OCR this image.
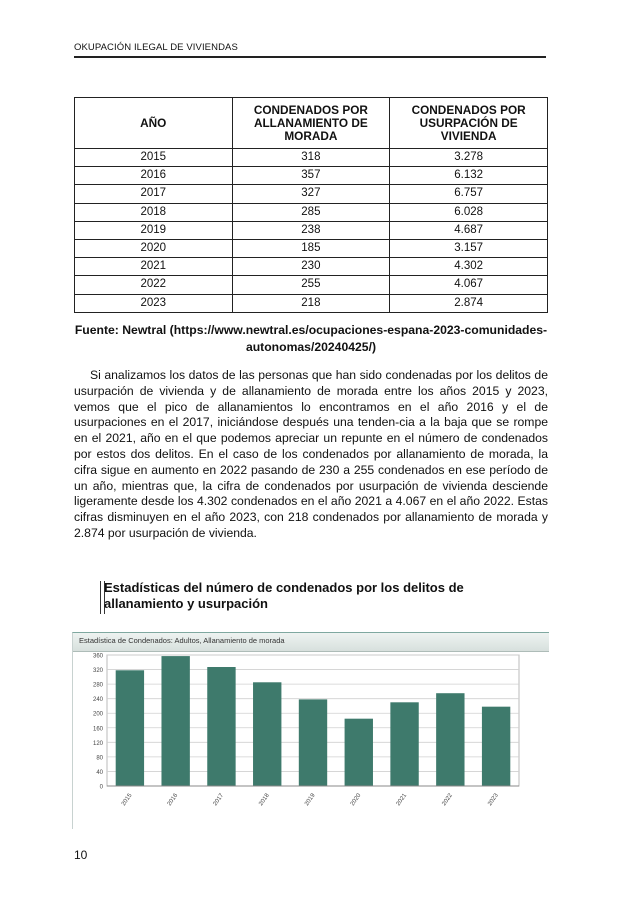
OKUPACIÓN ILEGAL DE VIVIENDAS
AÑO	CONDENADOS POR ALLANAMIENTO DE MORADA	CONDENADOS POR USURPACIÓN DE VIVIENDA
2015	318	3.278
2016	357	6.132
2017	327	6.757
2018	285	6.028
2019	238	4.687
2020	185	3.157
2021	230	4.302
2022	255	4.067
2023	218	2.874
Fuente: Newtral (https://www.newtral.es/ocupaciones-espana-2023-comunidades-autonomas/20240425/)

Si analizamos los datos de las personas que han sido condenadas por los delitos de usurpación de vivienda y de allanamiento de morada entre los años 2015 y 2023, vemos que el pico de allanamientos lo encontramos en el año 2016 y el de usurpaciones en el 2017, iniciándose después una tenden-cia a la baja que se rompe en el 2021, año en el que podemos apreciar un repunte en el número de condenados por estos dos delitos. En el caso de los condenados por allanamiento de morada, la cifra sigue en aumento en 2022 pasando de 230 a 255 condenados en ese período de un año, mientras que, la cifra de condenados por usurpación de vivienda desciende ligeramente desde los 4.302 condenados en el año 2021 a 4.067 en el año 2022. Estas cifras disminuyen en el año 2023, con 218 condenados por allanamiento de morada y 2.874 por usurpación de vivienda.

Estadísticas del número de condenados por los delitos de allanamiento y usurpación
Estadística de Condenados: Adultos, Allanamiento de morada
0
40
80
120
160
200
240
280
320
360
2015	2016	2017	2018	2019	2020	2021	2022	2023
10
